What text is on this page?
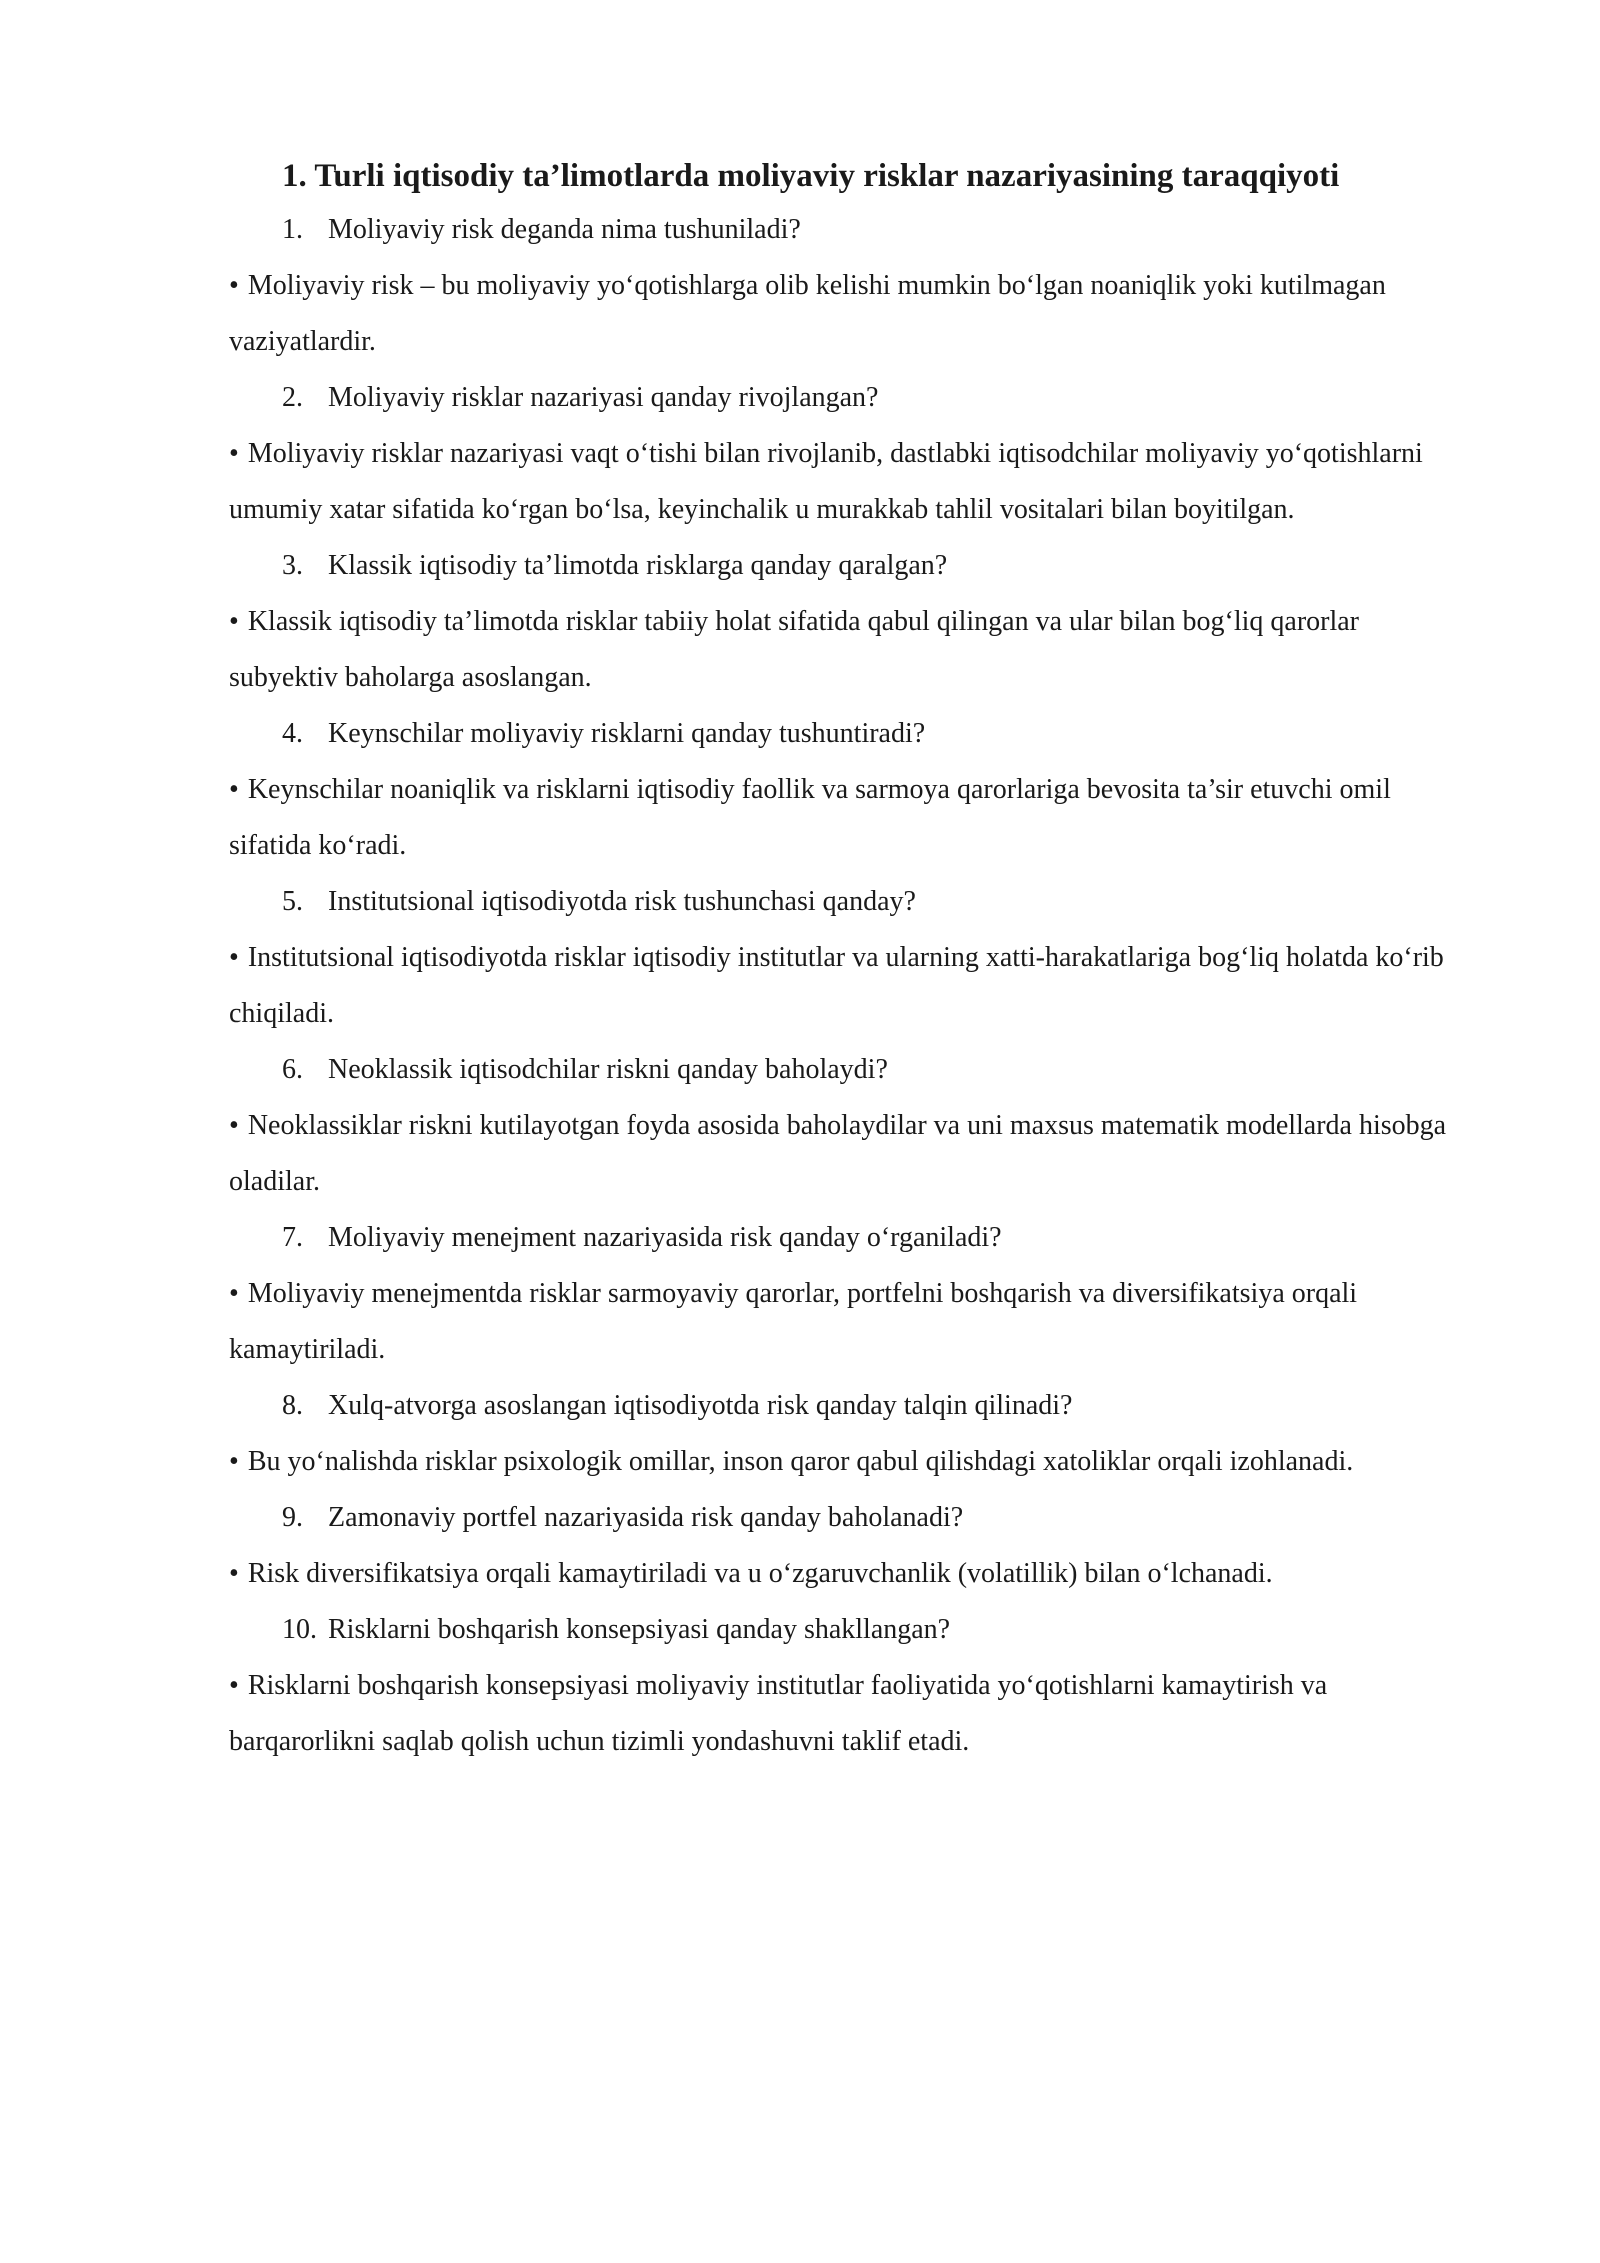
1. Turli iqtisodiy ta’limotlarda moliyaviy risklar nazariyasining taraqqiyoti
1. Moliyaviy risk deganda nima tushuniladi?

• Moliyaviy risk – bu moliyaviy yo‘qotishlarga olib kelishi mumkin bo‘lgan noaniqlik yoki kutilmagan vaziyatlardir.

2. Moliyaviy risklar nazariyasi qanday rivojlangan?

• Moliyaviy risklar nazariyasi vaqt o‘tishi bilan rivojlanib, dastlabki iqtisodchilar moliyaviy yo‘qotishlarni umumiy xatar sifatida ko‘rgan bo‘lsa, keyinchalik u murakkab tahlil vositalari bilan boyitilgan.

3. Klassik iqtisodiy ta’limotda risklarga qanday qaralgan?

• Klassik iqtisodiy ta’limotda risklar tabiiy holat sifatida qabul qilingan va ular bilan bog‘liq qarorlar subyektiv baholarga asoslangan.

4. Keynschilar moliyaviy risklarni qanday tushuntiradi?

• Keynschilar noaniqlik va risklarni iqtisodiy faollik va sarmoya qarorlariga bevosita ta’sir etuvchi omil sifatida ko‘radi.

5. Institutsional iqtisodiyotda risk tushunchasi qanday?

• Institutsional iqtisodiyotda risklar iqtisodiy institutlar va ularning xatti-harakatlariga bog‘liq holatda ko‘rib chiqiladi.

6. Neoklassik iqtisodchilar riskni qanday baholaydi?

• Neoklassiklar riskni kutilayotgan foyda asosida baholaydilar va uni maxsus matematik modellarda hisobga oladilar.

7. Moliyaviy menejment nazariyasida risk qanday o‘rganiladi?

• Moliyaviy menejmentda risklar sarmoyaviy qarorlar, portfelni boshqarish va diversifikatsiya orqali kamaytiriladi.

8. Xulq-atvorga asoslangan iqtisodiyotda risk qanday talqin qilinadi?

• Bu yo‘nalishda risklar psixologik omillar, inson qaror qabul qilishdagi xatoliklar orqali izohlanadi.

9. Zamonaviy portfel nazariyasida risk qanday baholanadi?

• Risk diversifikatsiya orqali kamaytiriladi va u o‘zgaruvchanlik (volatillik) bilan o‘lchanadi.

10. Risklarni boshqarish konsepsiyasi qanday shakllangan?

• Risklarni boshqarish konsepsiyasi moliyaviy institutlar faoliyatida yo‘qotishlarni kamaytirish va barqarorlikni saqlab qolish uchun tizimli yondashuvni taklif etadi.
